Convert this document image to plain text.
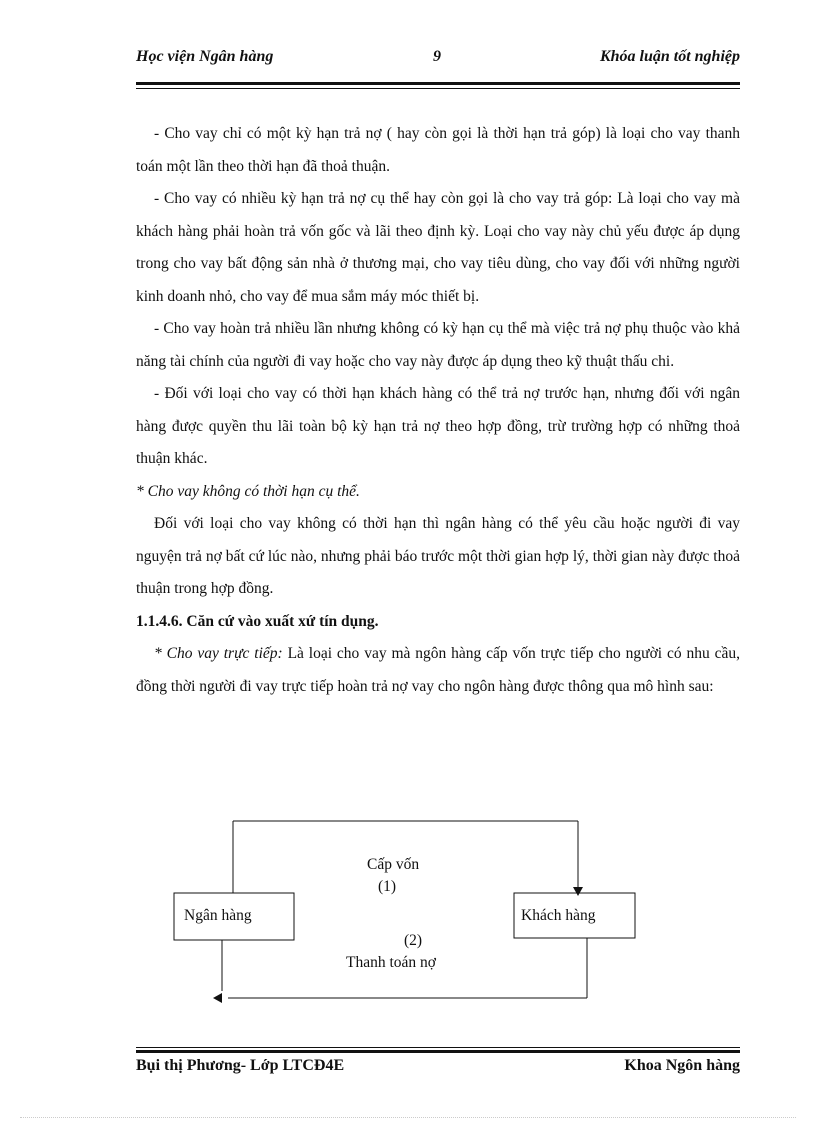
Học viện Ngân hàng	9	Khóa luận tốt nghiệp

- Cho vay chỉ có một kỳ hạn trả nợ ( hay còn gọi là thời hạn trả góp) là loại cho vay thanh toán một lần theo thời hạn đã thoả thuận.

- Cho vay có nhiều kỳ hạn trả nợ cụ thể hay còn gọi là cho vay trả góp: Là loại cho vay mà khách hàng phải hoàn trả vốn gốc và lãi theo định kỳ. Loại cho vay này chủ yếu được áp dụng trong cho vay bất động sản nhà ở thương mại, cho vay tiêu dùng, cho vay đối với những người kinh doanh nhỏ, cho vay để mua sắm máy móc thiết bị.

- Cho vay hoàn trả nhiều lần nhưng không có kỳ hạn cụ thể mà việc trả nợ phụ thuộc vào khả năng tài chính của người đi vay hoặc cho vay này được áp dụng theo kỹ thuật thấu chi.

- Đối với loại cho vay có thời hạn khách hàng có thể trả nợ trước hạn, nhưng đối với ngân hàng được quyền thu lãi toàn bộ kỳ hạn trả nợ theo hợp đồng, trừ trường hợp có những thoả thuận khác.

* Cho vay không có thời hạn cụ thể.

Đối với loại cho vay không có thời hạn thì ngân hàng có thể yêu cầu hoặc người đi vay nguyện trả nợ bất cứ lúc nào, nhưng phải báo trước một thời gian hợp lý, thời gian này được thoả thuận trong hợp đồng.

1.1.4.6. Căn cứ vào xuất xứ tín dụng.

* Cho vay trực tiếp: Là loại cho vay mà ngôn hàng cấp vốn trực tiếp cho người có nhu cầu, đồng thời người đi vay trực tiếp hoàn trả nợ vay cho ngôn hàng được thông qua mô hình sau:

Ngân hàng	Khách hàng
Cấp vốn
(1)
(2)
Thanh toán nợ
Bụi thị Phương- Lớp LTCĐ4E	Khoa Ngôn hàng
